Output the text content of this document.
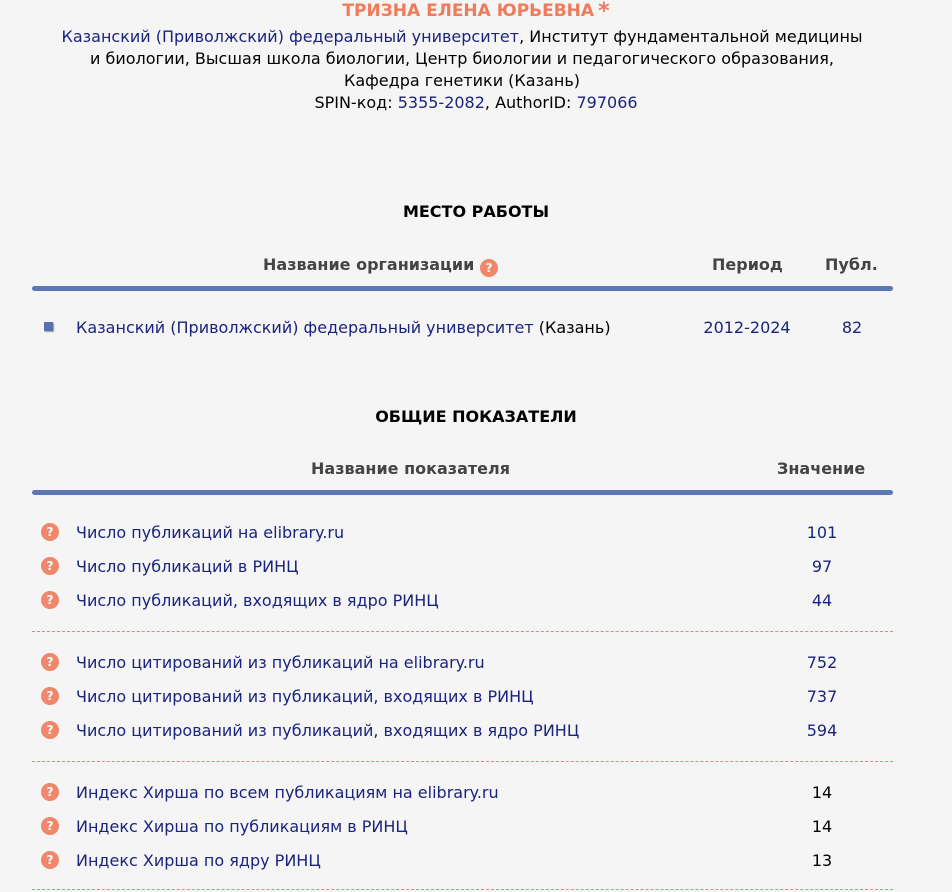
ТРИЗНА ЕЛЕНА ЮРЬЕВНА *
Казанский (Приволжский) федеральный университет, Институт фундаментальной медицины и биологии, Высшая школа биологии, Центр биологии и педагогического образования, Кафедра генетики (Казань)
SPIN-код: 5355-2082, AuthorID: 797066
МЕСТО РАБОТЫ
Название организации ?	Период	Публ.
Казанский (Приволжский) федеральный университет (Казань)	2012-2024	82
ОБЩИЕ ПОКАЗАТЕЛИ
Название показателя	Значение
?	Число публикаций на elibrary.ru	101
?	Число публикаций в РИНЦ	97
?	Число публикаций, входящих в ядро РИНЦ	44
?	Число цитирований из публикаций на elibrary.ru	752
?	Число цитирований из публикаций, входящих в РИНЦ	737
?	Число цитирований из публикаций, входящих в ядро РИНЦ	594
?	Индекс Хирша по всем публикациям на elibrary.ru	14
?	Индекс Хирша по публикациям в РИНЦ	14
?	Индекс Хирша по ядру РИНЦ	13
